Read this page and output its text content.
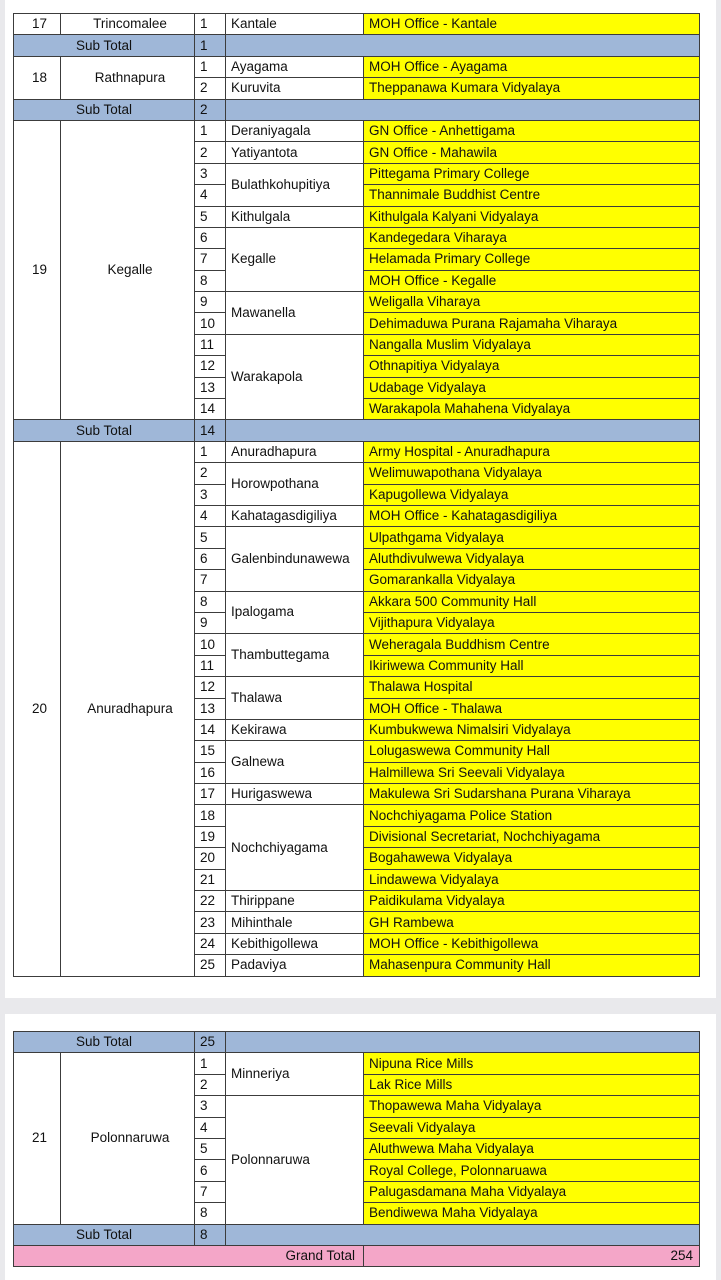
17	Trincomalee	1	Kantale	MOH Office - Kantale
Sub Total		1		
18	Rathnapura	1	Ayagama	MOH Office - Ayagama
		2	Kuruvita	Theppanawa Kumara Vidyalaya
Sub Total		2		
19	Kegalle	1	Deraniyagala	GN Office - Anhettigama
		2	Yatiyantota	GN Office - Mahawila
		3	Bulathkohupitiya	Pittegama Primary College
		4		Thannimale Buddhist Centre
		5	Kithulgala	Kithulgala Kalyani Vidyalaya
		6	Kegalle	Kandegedara Viharaya
		7		Helamada Primary College
		8		MOH Office - Kegalle
		9	Mawanella	Weligalla Viharaya
		10		Dehimaduwa Purana Rajamaha Viharaya
		11	Warakapola	Nangalla Muslim Vidyalaya
		12		Othnapitiya Vidyalaya
		13		Udabage Vidyalaya
		14		Warakapola Mahahena Vidyalaya
Sub Total		14		
20	Anuradhapura	1	Anuradhapura	Army Hospital - Anuradhapura
		2	Horowpothana	Welimuwapothana Vidyalaya
		3		Kapugollewa Vidyalaya
		4	Kahatagasdigiliya	MOH Office - Kahatagasdigiliya
		5	Galenbindunawewa	Ulpathgama Vidyalaya
		6		Aluthdivulwewa Vidyalaya
		7		Gomarankalla Vidyalaya
		8	Ipalogama	Akkara 500 Community Hall
		9		Vijithapura Vidyalaya
		10	Thambuttegama	Weheragala Buddhism Centre
		11		Ikiriwewa Community Hall
		12	Thalawa	Thalawa Hospital
		13		MOH Office - Thalawa
		14	Kekirawa	Kumbukwewa Nimalsiri Vidyalaya
		15	Galnewa	Lolugaswewa Community Hall
		16		Halmillewa Sri Seevali Vidyalaya
		17	Hurigaswewa	Makulewa Sri Sudarshana Purana Viharaya
		18	Nochchiyagama	Nochchiyagama Police Station
		19		Divisional Secretariat, Nochchiyagama
		20		Bogahawewa Vidyalaya
		21		Lindawewa Vidyalaya
		22	Thirippane	Paidikulama Vidyalaya
		23	Mihinthale	GH Rambewa
		24	Kebithigollewa	MOH Office - Kebithigollewa
		25	Padaviya	Mahasenpura Community Hall
Sub Total		25		
21	Polonnaruwa	1	Minneriya	Nipuna Rice Mills
		2		Lak Rice Mills
		3	Polonnaruwa	Thopawewa Maha Vidyalaya
		4		Seevali Vidyalaya
		5		Aluthwewa Maha Vidyalaya
		6		Royal College, Polonnaruawa
		7		Palugasdamana Maha Vidyalaya
		8		Bendiwewa Maha Vidyalaya
Sub Total		8		
Grand Total				254
